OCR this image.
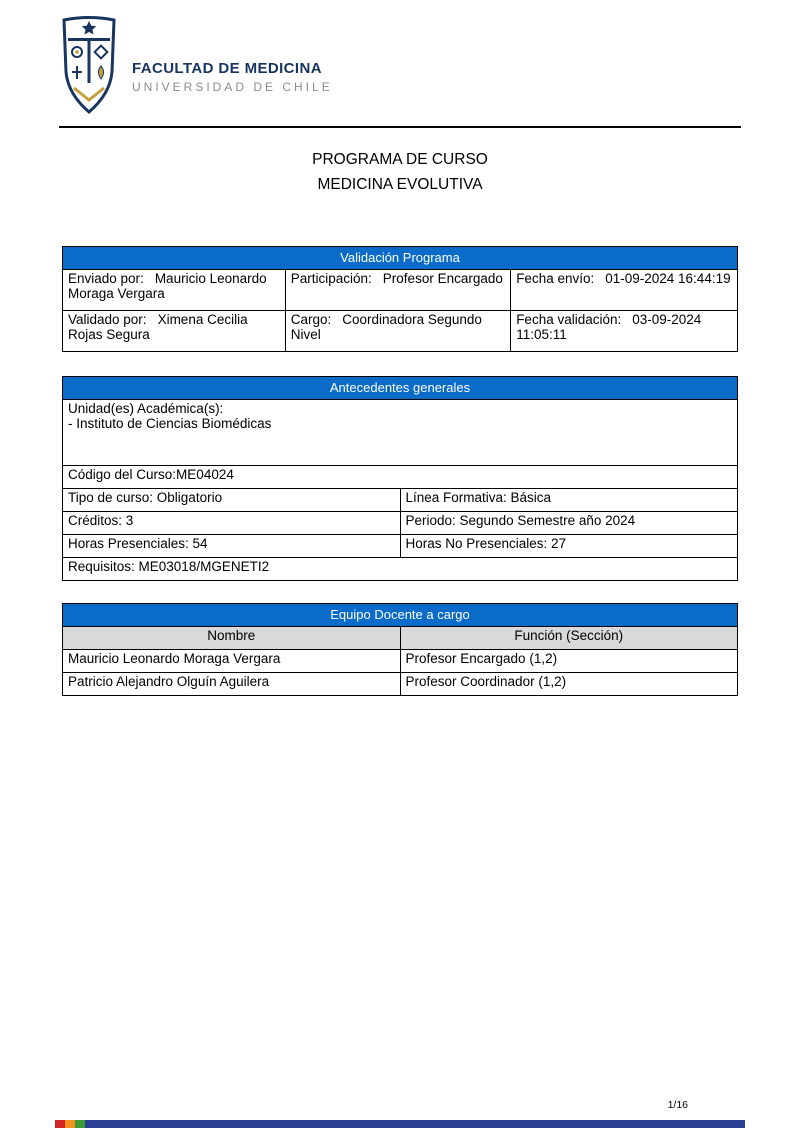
FACULTAD DE MEDICINA
UNIVERSIDAD DE CHILE
PROGRAMA DE CURSO
MEDICINA EVOLUTIVA
Validación Programa
Enviado por: Mauricio Leonardo Moraga Vergara	Participación: Profesor Encargado	Fecha envío: 01-09-2024 16:44:19
Validado por: Ximena Cecilia Rojas Segura	Cargo: Coordinadora Segundo Nivel	Fecha validación: 03-09-2024 11:05:11
Antecedentes generales
Unidad(es) Académica(s):
- Instituto de Ciencias Biomédicas	

Código del Curso:ME04024	
Tipo de curso: Obligatorio	Línea Formativa: Básica
Créditos: 3	Periodo: Segundo Semestre año 2024
Horas Presenciales: 54	Horas No Presenciales: 27
Requisitos: ME03018/MGENETI2	
Equipo Docente a cargo
Nombre	Función (Sección)
Mauricio Leonardo Moraga Vergara	Profesor Encargado (1,2)
Patricio Alejandro Olguín Aguilera	Profesor Coordinador (1,2)
1/16
